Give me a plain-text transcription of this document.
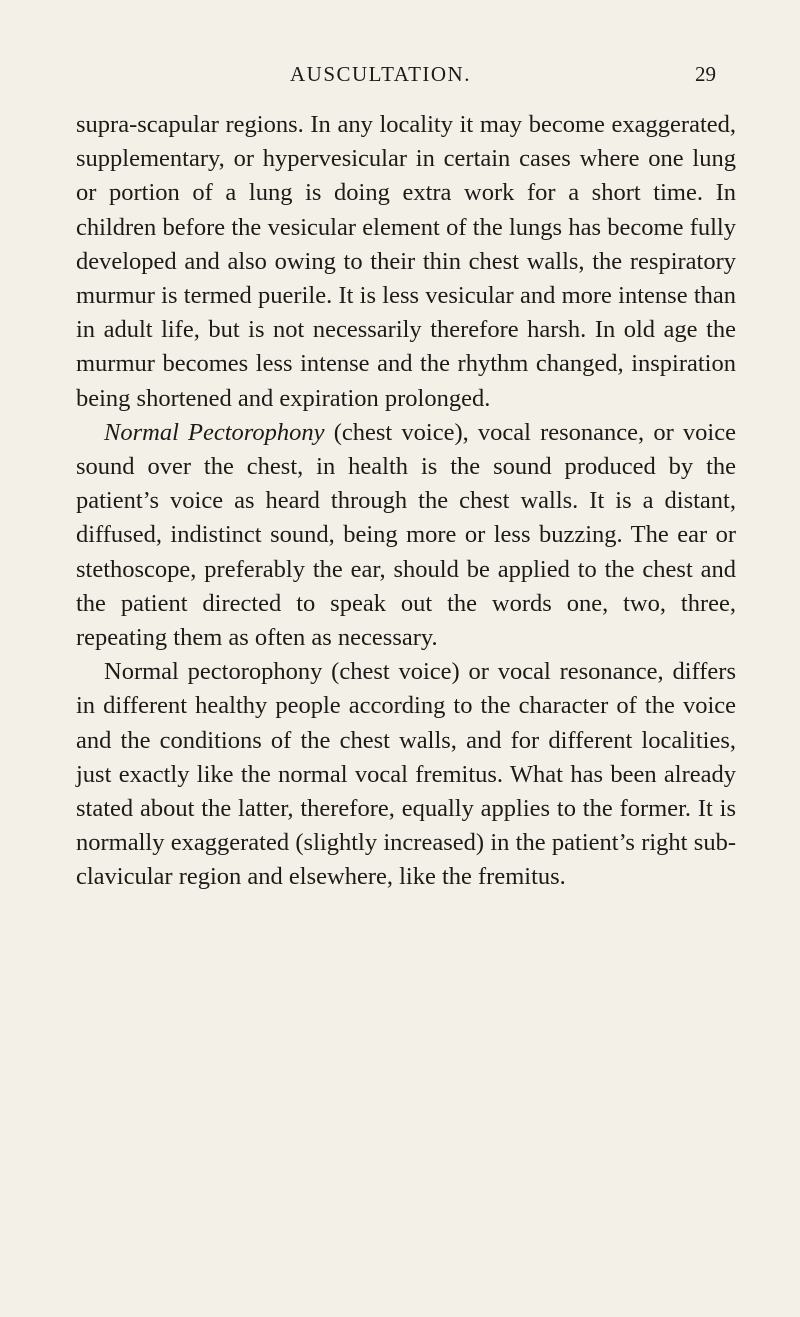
AUSCULTATION.	29

supra-scapular regions. In any locality it may become exaggerated, supplementary, or hypervesicular in certain cases where one lung or portion of a lung is doing extra work for a short time. In children before the vesicular element of the lungs has become fully developed and also owing to their thin chest walls, the respiratory murmur is termed puerile. It is less vesicular and more intense than in adult life, but is not necessarily therefore harsh. In old age the murmur becomes less intense and the rhythm changed, inspiration being shortened and expiration prolonged.

Normal Pectorophony (chest voice), vocal resonance, or voice sound over the chest, in health is the sound produced by the patient’s voice as heard through the chest walls. It is a distant, diffused, indistinct sound, being more or less buzzing. The ear or stethoscope, preferably the ear, should be applied to the chest and the patient directed to speak out the words one, two, three, repeating them as often as necessary.

Normal pectorophony (chest voice) or vocal resonance, differs in different healthy people according to the character of the voice and the conditions of the chest walls, and for different localities, just exactly like the normal vocal fremitus. What has been already stated about the latter, therefore, equally applies to the former. It is normally exaggerated (slightly increased) in the patient’s right sub-clavicular region and elsewhere, like the fremitus.
